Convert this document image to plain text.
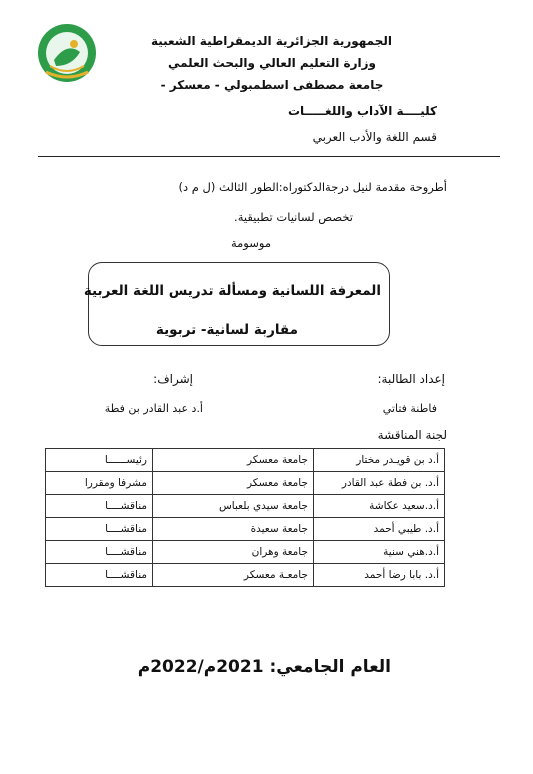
الجمهورية الجزائرية الديمقراطية الشعبية
وزارة التعليم العالي والبحث العلمي
جامعة مصطفى اسطمبولي - معسكر -
كليــــة الآداب واللغـــــات
قسم اللغة والأدب العربي
أطروحة مقدمة لنيل درجةالدكتوراه:الطور الثالث (ل م د)
تخصص لسانيات تطبيقية.
موسومة
المعرفة اللسانية ومسألة تدريس اللغة العربية
مقاربة لسانية- تربوية
إعداد الطالبة:
إشراف:
فاطنة فتاتي
أ.د عبد القادر بن فطة
لجنة المناقشة
أ.د بن قويـدر مختار	جامعة معسكر	رئيســــــا
أ.د. بن فطة عبد القادر	جامعة معسكر	مشرفا ومقررا
أ.د.سعيد عكاشة	جامعة سيدي بلعباس	مناقشــــا
أ.د. طيبي أحمد	جامعة سعيدة	مناقشــــا
أ.د.هني سنية	جامعة وهران	مناقشــــا
أ.د. بابا رضا أحمد	جامعـة معسكر	مناقشــــا
العام الجامعي: 2021م/2022م
